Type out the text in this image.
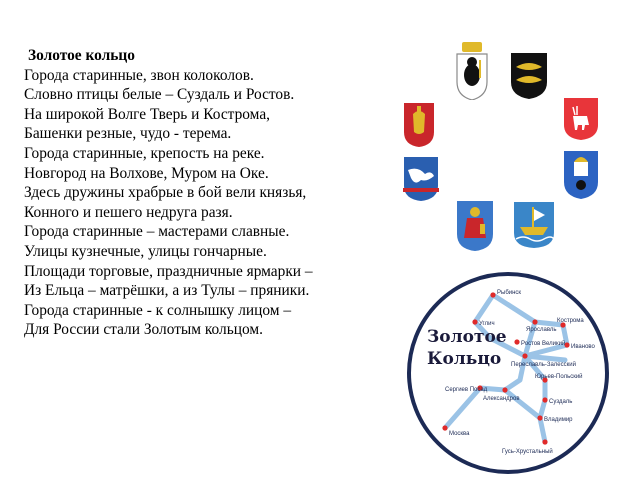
Золотое кольцо
Города старинные, звон колоколов.
Словно птицы белые – Суздаль и Ростов.
На широкой Волге Тверь и Кострома,
Башенки резные, чудо - терема.
Города старинные, крепость на реке.
Новгород на Волхове, Муром на Оке.
Здесь дружины храбрые в бой вели князья,
Конного и пешего недруга разя.
Города старинные – мастерами славные.
Улицы кузнечные, улицы гончарные.
Площади торговые, праздничные ярмарки –
Из Ельца – матрёшки, а из Тулы – пряники.
Города старинные - к солнышку лицом –
Для России стали Золотым кольцом.	Золотое
Кольцо
Рыбинск
Углич
Ярославль
Кострома
Ростов Великий
Переславль-Залесский
Иваново
Юрьев-Польский
Суздаль
Сергиев Посад
Александров
Владимир
Москва
Гусь-Хрустальный
